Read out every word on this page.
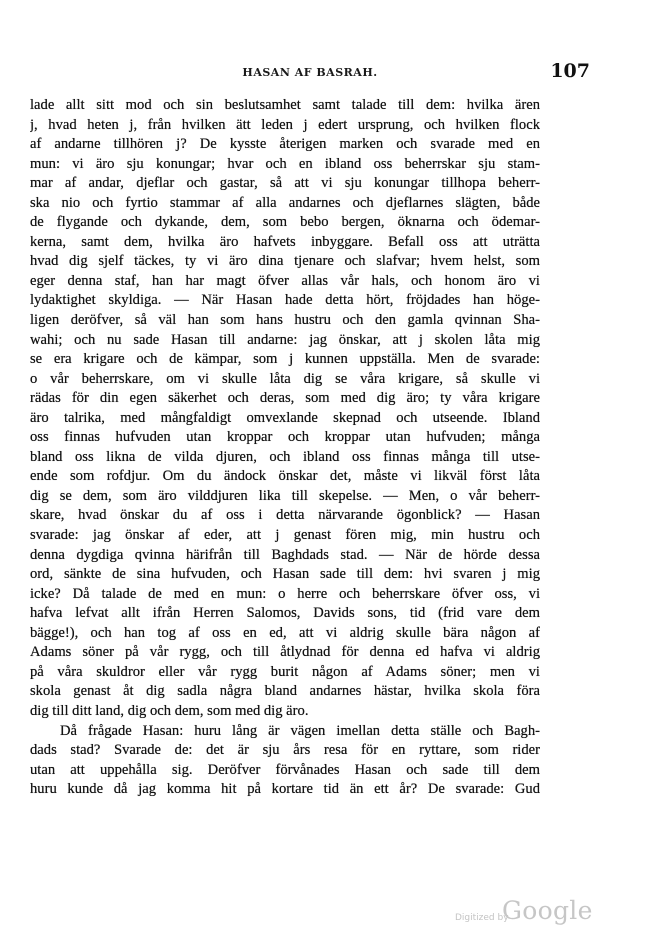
HASAN AF BASRAH.	107
lade allt sitt mod och sin beslutsamhet samt talade till dem: hvilka ären
j, hvad heten j, från hvilken ätt leden j edert ursprung, och hvilken flock
af andarne tillhören j? De kysste återigen marken och svarade med en
mun: vi äro sju konungar; hvar och en ibland oss beherrskar sju stam-
mar af andar, djeflar och gastar, så att vi sju konungar tillhopa beherr-
ska nio och fyrtio stammar af alla andarnes och djeflarnes slägten, både
de flygande och dykande, dem, som bebo bergen, öknarna och ödemar-
kerna, samt dem, hvilka äro hafvets inbyggare. Befall oss att uträtta
hvad dig sjelf täckes, ty vi äro dina tjenare och slafvar; hvem helst, som
eger denna staf, han har magt öfver allas vår hals, och honom äro vi
lydaktighet skyldiga. — När Hasan hade detta hört, fröjdades han höge-
ligen deröfver, så väl han som hans hustru och den gamla qvinnan Sha-
wahi; och nu sade Hasan till andarne: jag önskar, att j skolen låta mig
se era krigare och de kämpar, som j kunnen uppställa. Men de svarade:
o vår beherrskare, om vi skulle låta dig se våra krigare, så skulle vi
rädas för din egen säkerhet och deras, som med dig äro; ty våra krigare
äro talrika, med mångfaldigt omvexlande skepnad och utseende. Ibland
oss finnas hufvuden utan kroppar och kroppar utan hufvuden; många
bland oss likna de vilda djuren, och ibland oss finnas många till utse-
ende som rofdjur. Om du ändock önskar det, måste vi likväl först låta
dig se dem, som äro vilddjuren lika till skepelse. — Men, o vår beherr-
skare, hvad önskar du af oss i detta närvarande ögonblick? — Hasan
svarade: jag önskar af eder, att j genast fören mig, min hustru och
denna dygdiga qvinna härifrån till Baghdads stad. — När de hörde dessa
ord, sänkte de sina hufvuden, och Hasan sade till dem: hvi svaren j mig
icke? Då talade de med en mun: o herre och beherrskare öfver oss, vi
hafva lefvat allt ifrån Herren Salomos, Davids sons, tid (frid vare dem
bägge!), och han tog af oss en ed, att vi aldrig skulle bära någon af
Adams söner på vår rygg, och till åtlydnad för denna ed hafva vi aldrig
på våra skuldror eller vår rygg burit någon af Adams söner; men vi
skola genast åt dig sadla några bland andarnes hästar, hvilka skola föra
dig till ditt land, dig och dem, som med dig äro.
Då frågade Hasan: huru lång är vägen imellan detta ställe och Bagh-
dads stad? Svarade de: det är sju års resa för en ryttare, som rider
utan att uppehålla sig. Deröfver förvånades Hasan och sade till dem
huru kunde då jag komma hit på kortare tid än ett år? De svarade: Gud
Digitized by
Google
